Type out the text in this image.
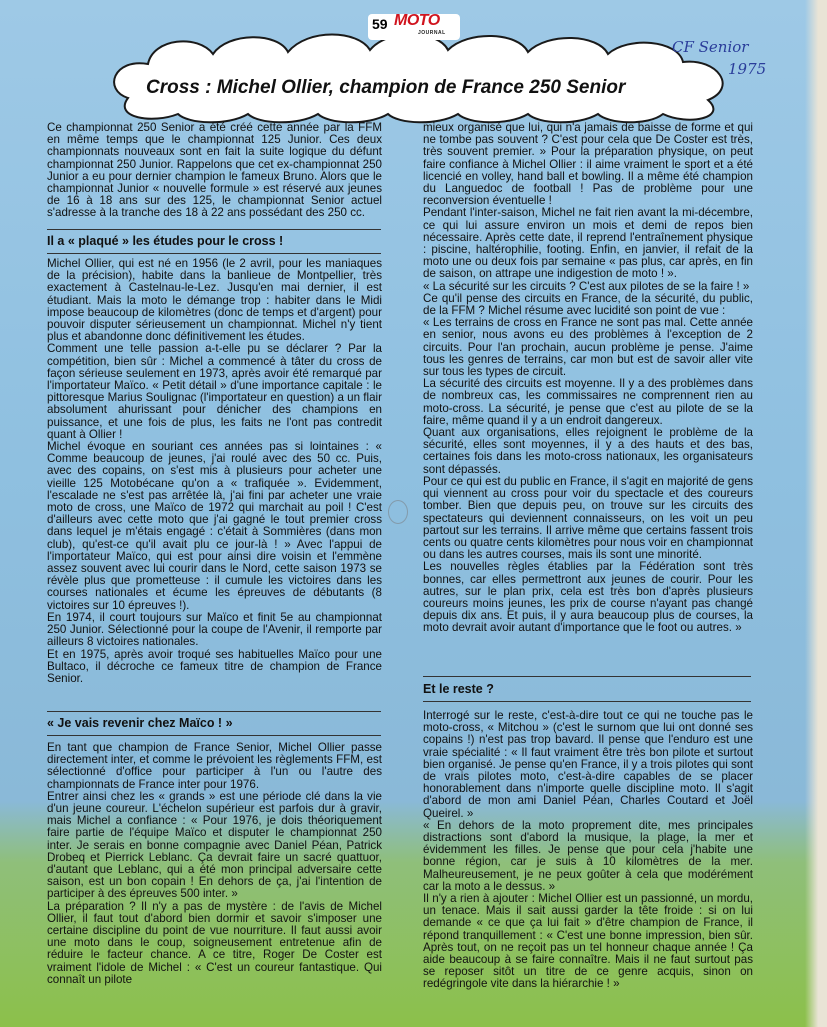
59 MOTO
JOURNAL
Cross : Michel Ollier, champion de France 250 Senior
CF Senior
1975

Ce championnat 250 Senior a été créé cette année par la FFM en même temps que le championnat 125 Junior. Ces deux championnats nouveaux sont en fait la suite logique du défunt championnat 250 Junior. Rappelons que cet ex-championnat 250 Junior a eu pour dernier champion le fameux Bruno. Alors que le championnat Junior « nouvelle formule » est réservé aux jeunes de 16 à 18 ans sur des 125, le championnat Senior actuel s'adresse à la tranche des 18 à 22 ans possédant des 250 cc.

Il a « plaqué » les études pour le cross !

Michel Ollier, qui est né en 1956 (le 2 avril, pour les maniaques de la précision), habite dans la banlieue de Montpellier, très exactement à Castelnau-le-Lez. Jusqu'en mai dernier, il est étudiant. Mais la moto le démange trop : habiter dans le Midi impose beaucoup de kilomètres (donc de temps et d'argent) pour pouvoir disputer sérieusement un championnat. Michel n'y tient plus et abandonne donc définitivement les études.

Comment une telle passion a-t-elle pu se déclarer ? Par la compétition, bien sûr : Michel a commencé à tâter du cross de façon sérieuse seulement en 1973, après avoir été remarqué par l'importateur Maïco. « Petit détail » d'une importance capitale : le pittoresque Marius Soulignac (l'importateur en question) a un flair absolument ahurissant pour dénicher des champions en puissance, et une fois de plus, les faits ne l'ont pas contredit quant à Ollier !

Michel évoque en souriant ces années pas si lointaines : « Comme beaucoup de jeunes, j'ai roulé avec des 50 cc. Puis, avec des copains, on s'est mis à plusieurs pour acheter une vieille 125 Motobécane qu'on a « trafiquée ». Evidemment, l'escalade ne s'est pas arrêtée là, j'ai fini par acheter une vraie moto de cross, une Maïco de 1972 qui marchait au poil ! C'est d'ailleurs avec cette moto que j'ai gagné le tout premier cross dans lequel je m'étais engagé : c'était à Sommières (dans mon club), qu'est-ce qu'il avait plu ce jour-là ! » Avec l'appui de l'importateur Maïco, qui est pour ainsi dire voisin et l'emmène assez souvent avec lui courir dans le Nord, cette saison 1973 se révèle plus que prometteuse : il cumule les victoires dans les courses nationales et écume les épreuves de débutants (8 victoires sur 10 épreuves !).

En 1974, il court toujours sur Maïco et finit 5e au championnat 250 Junior. Sélectionné pour la coupe de l'Avenir, il remporte par ailleurs 8 victoires nationales.

Et en 1975, après avoir troqué ses habituelles Maïco pour une Bultaco, il décroche ce fameux titre de champion de France Senior.

« Je vais revenir chez Maïco ! »

En tant que champion de France Senior, Michel Ollier passe directement inter, et comme le prévoient les règlements FFM, est sélectionné d'office pour participer à l'un ou l'autre des championnats de France inter pour 1976.

Entrer ainsi chez les « grands » est une période clé dans la vie d'un jeune coureur. L'échelon supérieur est parfois dur à gravir, mais Michel a confiance : « Pour 1976, je dois théoriquement faire partie de l'équipe Maïco et disputer le championnat 250 inter. Je serais en bonne compagnie avec Daniel Péan, Patrick Drobeq et Pierrick Leblanc. Ça devrait faire un sacré quattuor, d'autant que Leblanc, qui a été mon principal adversaire cette saison, est un bon copain ! En dehors de ça, j'ai l'intention de participer à des épreuves 500 inter. »

La préparation ? Il n'y a pas de mystère : de l'avis de Michel Ollier, il faut tout d'abord bien dormir et savoir s'imposer une certaine discipline du point de vue nourriture. Il faut aussi avoir une moto dans le coup, soigneusement entretenue afin de réduire le facteur chance. A ce titre, Roger De Coster est vraiment l'idole de Michel : « C'est un coureur fantastique. Qui connaît un pilote

mieux organisé que lui, qui n'a jamais de baisse de forme et qui ne tombe pas souvent ? C'est pour cela que De Coster est très, très souvent premier. » Pour la préparation physique, on peut faire confiance à Michel Ollier : il aime vraiment le sport et a été licencié en volley, hand ball et bowling. Il a même été champion du Languedoc de football ! Pas de problème pour une reconversion éventuelle !

Pendant l'inter-saison, Michel ne fait rien avant la mi-décembre, ce qui lui assure environ un mois et demi de repos bien nécessaire. Après cette date, il reprend l'entraînement physique : piscine, haltérophilie, footing. Enfin, en janvier, il refait de la moto une ou deux fois par semaine « pas plus, car après, en fin de saison, on attrape une indigestion de moto ! ».

« La sécurité sur les circuits ? C'est aux pilotes de se la faire ! »

Ce qu'il pense des circuits en France, de la sécurité, du public, de la FFM ? Michel résume avec lucidité son point de vue :

« Les terrains de cross en France ne sont pas mal. Cette année en senior, nous avons eu des problèmes à l'exception de 2 circuits. Pour l'an prochain, aucun problème je pense. J'aime tous les genres de terrains, car mon but est de savoir aller vite sur tous les types de circuit.

La sécurité des circuits est moyenne. Il y a des problèmes dans de nombreux cas, les commissaires ne comprennent rien au moto-cross. La sécurité, je pense que c'est au pilote de se la faire, même quand il y a un endroit dangereux.

Quant aux organisations, elles rejoignent le problème de la sécurité, elles sont moyennes, il y a des hauts et des bas, certaines fois dans les moto-cross nationaux, les organisateurs sont dépassés.

Pour ce qui est du public en France, il s'agit en majorité de gens qui viennent au cross pour voir du spectacle et des coureurs tomber. Bien que depuis peu, on trouve sur les circuits des spectateurs qui deviennent connaisseurs, on les voit un peu partout sur les terrains. Il arrive même que certains fassent trois cents ou quatre cents kilomètres pour nous voir en championnat ou dans les autres courses, mais ils sont une minorité.

Les nouvelles règles établies par la Fédération sont très bonnes, car elles permettront aux jeunes de courir. Pour les autres, sur le plan prix, cela est très bon d'après plusieurs coureurs moins jeunes, les prix de course n'ayant pas changé depuis dix ans. Et puis, il y aura beaucoup plus de courses, la moto devrait avoir autant d'importance que le foot ou autres. »

Et le reste ?

Interrogé sur le reste, c'est-à-dire tout ce qui ne touche pas le moto-cross, « Mitchou » (c'est le surnom que lui ont donné ses copains !) n'est pas trop bavard. Il pense que l'enduro est une vraie spécialité : « Il faut vraiment être très bon pilote et surtout bien organisé. Je pense qu'en France, il y a trois pilotes qui sont de vrais pilotes moto, c'est-à-dire capables de se placer honorablement dans n'importe quelle discipline moto. Il s'agit d'abord de mon ami Daniel Péan, Charles Coutard et Joël Queirel. »

« En dehors de la moto proprement dite, mes principales distractions sont d'abord la musique, la plage, la mer et évidemment les filles. Je pense que pour cela j'habite une bonne région, car je suis à 10 kilomètres de la mer. Malheureusement, je ne peux goûter à cela que modérément car la moto a le dessus. »

Il n'y a rien à ajouter : Michel Ollier est un passionné, un mordu, un tenace. Mais il sait aussi garder la tête froide : si on lui demande « ce que ça lui fait » d'être champion de France, il répond tranquillement : « C'est une bonne impression, bien sûr. Après tout, on ne reçoit pas un tel honneur chaque année ! Ça aide beaucoup à se faire connaître. Mais il ne faut surtout pas se reposer sitôt un titre de ce genre acquis, sinon on redégringole vite dans la hiérarchie ! »
